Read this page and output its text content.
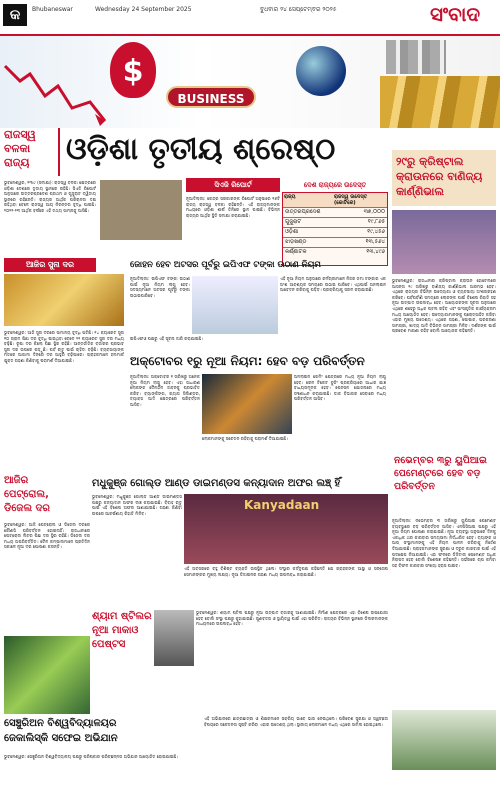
କ	Bhubaneswar	Wednesday 24 September 2025	ବୁଧବାର ୨୪ ସେପ୍ଟେମ୍ବର ୨୦୨୫	ସଂବାଦ
$
BUSINESS
ରାଜସ୍ୱ
ବଳକା
ରାଜ୍ୟ	ଓଡ଼ିଶା ତୃତୀୟ ଶ୍ରେଷ୍ଠ
ଭୁବନେଶ୍ୱର, ୨୩ା୯ (ସମୀକ୍ଷା): ରାଜସ୍ୱ ବଳକା କ୍ଷେତ୍ରରେ ଓଡ଼ିଶା ଦେଶରେ ତୃତୀୟ ସ୍ଥାନରେ ରହିଛି। ସିଏଜି ରିପୋର୍ଟ ଅନୁସାରେ ଉତ୍ତରପ୍ରଦେଶ ପ୍ରଥମ ଓ ଗୁଜୁରାଟ ଦ୍ୱିତୀୟ ସ୍ଥାନରେ ରହିଛନ୍ତି। ରାଜ୍ୟର ଆର୍ଥିକ ପରିଚାଳନା ଦକ୍ଷ ରହିଥିବା ବେଳେ ରାଜସ୍ୱ ଆୟ ନିରନ୍ତର ବୃଦ୍ଧି ପାଇଛି। ୨୦୨୨-୨୩ ଆର୍ଥିକ ବର୍ଷରେ ଏହି ତଥ୍ୟ ସାମ୍ନାକୁ ଆସିଛି।
ସିଏଜି ରିପୋର୍ଟ	ଦେଶ ରାଜ୍ୟରେ ଉଦେସ୍ତ
ନୂଆଦିଲ୍ଲୀ: କେନ୍ଦ୍ର ସରକାରଙ୍କ ରିପୋର୍ଟ ଅନୁସାରେ ୧୬ଟି ରାଜ୍ୟ ରାଜସ୍ୱ ବଳକା ରହିଛନ୍ତି। ଏହି ରାଜ୍ୟମାନଙ୍କ ମଧ୍ୟରେ ଓଡ଼ିଶା ଶୀର୍ଷ ତିନିରେ ସ୍ଥାନ ପାଇଛି। ବିଭିନ୍ନ ରାଜ୍ୟର ଆର୍ଥିକ ସ୍ଥିତି ସମୀକ୍ଷା କରାଯାଇଛି।
ରାଜ୍ୟ	ରାଜସ୍ୱ ଉଦେସ୍ତ (କୋଟିରେ)
ଉତ୍ତରପ୍ରଦେଶ	୩୭,୦୦୦
ଗୁଜୁରାଟ	୧୯,୮୬୫
ଓଡ଼ିଶା	୧୯,୪୫୬
ଝାଡ଼ଖଣ୍ଡ	୧୩,୫୬୪
କର୍ଣ୍ଣାଟକ	୧୩,୪୯୬
୨୯ରୁ କ୍ରିଷ୍ଟାଲ କ୍ରାଉନରେ ବାଣିଜ୍ୟ କାର୍ଣ୍ଣିଭାଲ
ଭୁବନେଶ୍ୱର: ରାଜଧାନୀର କ୍ରିଷ୍ଟାଲ କ୍ରାଉନ ହୋଟେଲରେ ଆସନ୍ତା ୨୯ ତାରିଖରୁ ବାଣିଜ୍ୟ କାର୍ଣ୍ଣିଭାଲ ଆରମ୍ଭ ହେବ। ଏଥିରେ ରାଜ୍ୟର ବିଭିନ୍ନ ଉଦ୍ୟୋଗୀ ଓ ବ୍ୟବସାୟୀ ଅଂଶଗ୍ରହଣ କରିବେ। ପର୍ବପର୍ବାଣି ସମୟରେ ଲୋକଙ୍କ ପାଇଁ ବିଶେଷ ରିହାତି ସହ ନୂଆ ଉତ୍ପାଦ ଉପଲବ୍ଧ ହେବ। ଆୟୋଜକଙ୍କ ସୂଚନା ଅନୁସାରେ ଏଥିରେ ଶହେରୁ ଅଧିକ ଷ୍ଟଲ ରହିବ ଏବଂ ସାଂସ୍କୃତିକ କାର୍ଯ୍ୟକ୍ରମ ମଧ୍ୟ ଆୟୋଜିତ ହେବ। ଉଦ୍ୟୋଗୀମାନଙ୍କୁ ପ୍ରୋତ୍ସାହିତ କରିବା ଏହାର ମୁଖ୍ୟ ଉଦ୍ଦେଶ୍ୟ। ଏଥିରେ ଗହଣା, ପୋଷାକ, ଘରକରଣା ସାମଗ୍ରୀ, ଖାଦ୍ୟ ଆଦି ବିଭିନ୍ନ ସାମଗ୍ରୀ ମିଳିବ। ଦର୍ଶକଙ୍କ ପାଇଁ ପ୍ରବେଶ ମାଗଣା ରହିବ ବୋଲି ଆୟୋଜକ କହିଛନ୍ତି।
ନଭେମ୍ବର ୩ରୁ ୟୁପିଆଇ ପେମେଣ୍ଟରେ ହେବ ବଡ଼ ପରିବର୍ତ୍ତନ
ନୂଆଦିଲ୍ଲୀ: ନଭେମ୍ବର ୩ ତାରିଖରୁ ୟୁପିଆଇ ପେମେଣ୍ଟ ବ୍ୟବସ୍ଥାରେ ବଡ଼ ପରିବର୍ତ୍ତନ ଆସିବ। ଏନପିସିଆଇ ପକ୍ଷରୁ ଏହି ନୂଆ ନିୟମ ଘୋଷଣା କରାଯାଇଛି। ନୂଆ ବ୍ୟବସ୍ଥା ଅନୁସାରେ ଦିନକୁ ଏକାଧିକ ଥର କାରବାର ସମୟସୀମା ନିର୍ଦ୍ଧାରିତ ହେବ। ବ୍ୟାଙ୍କ ଓ ଆପ୍ ସଂସ୍ଥାମାନଙ୍କୁ ଏହି ନିୟମ ପାଳନ କରିବାକୁ ନିର୍ଦ୍ଦେଶ ଦିଆଯାଇଛି। ଗ୍ରାହକମାନଙ୍କ ସୁରକ୍ଷା ଓ ଦ୍ରୁତ କାରବାର ପାଇଁ ଏହି ପଦକ୍ଷେପ ନିଆଯାଇଛି। ଏହା ଫଳରେ ଡିଜିଟାଲ ପେମେଣ୍ଟ ଅଧିକ ନିରାପଦ ହେବ ବୋଲି ବିଶେଷଜ୍ଞ କହିଛନ୍ତି। ସର୍ଭରରେ ଚାପ କମିବା ସହ ବିଫଳ କାରବାର ସଂଖ୍ୟା ହ୍ରାସ ପାଇବ।
ଆଜିର ସୁନା ଦର
ଭୁବନେଶ୍ୱର: ଆଜି ସୁନା ଦରରେ ସାମାନ୍ୟ ବୃଦ୍ଧି ଘଟିଛି। ୨୪ କ୍ୟାରେଟ ସୁନା ୧୦ ଗ୍ରାମ ପିଛା ଦର ବୃଦ୍ଧି ପାଇଥିବା ବେଳେ ୨୨ କ୍ୟାରେଟ ସୁନା ଦର ମଧ୍ୟ ବଢ଼ିଛି। ରୂପା ଦର କିଲୋ ପିଛା ସ୍ଥିର ରହିଛି। ଆନ୍ତର୍ଜାତିକ ବଜାରର ପ୍ରଭାବ ସୁନା ଦର ଉପରେ ପଡ଼ୁଛି। ପର୍ବ ଋତୁ ପାଇଁ ଚାହିଦା ବଢ଼ିଛି। ବ୍ୟବସାୟୀଙ୍କ ମତରେ ଆଗାମୀ ଦିନରେ ଦର ଆହୁରି ବଢ଼ିପାରେ। ଗ୍ରାହକମାନେ ହଲମାର୍କ ଯୁକ୍ତ ଗହଣା କିଣିବାକୁ ପରାମର୍ଶ ଦିଆଯାଇଛି।
ଜୋହନ ହେବ ଅଟସର ପୂର୍ବରୁ ଇପିଏଫ ଟଙ୍କା ଉଠାଣ ନିୟମ
ନୂଆଦିଲ୍ଲୀ: ଇପିଏଫ ଟଙ୍କା ଉଠାଣ ପାଇଁ ନୂଆ ନିୟମ ଲାଗୁ ହେବ। ସଦସ୍ୟମାନେ ଅଟସର ପୂର୍ବରୁ ଟଙ୍କା ଉଠାଇପାରିବେ।
ଏହି ନୂଆ ନିୟମ ଅନୁସାରେ କର୍ମଚାରୀମାନେ ନିଜର ଜମା ଟଙ୍କାର ଏକ ଅଂଶ ଆବଶ୍ୟକ ସମୟରେ ଉଠାଇ ପାରିବେ। ଏଥିପାଇଁ ଅନଲାଇନ ଆବେଦନ କରିବାକୁ ପଡ଼ିବ। ପ୍ରକ୍ରିୟାକୁ ସରଳ କରାଯାଇଛି।
ଇପିଏଫଓ ପକ୍ଷରୁ ଏହି ସୂଚନା ଜାରି କରାଯାଇଛି।
ଅକ୍ଟୋବର ୧ରୁ ନୂଆ ନିୟମ: ହେବ ବଡ଼ ପରିବର୍ତ୍ତନ
ନୂଆଦିଲ୍ଲୀ: ଅକ୍ଟୋବର ୧ ତାରିଖରୁ ଅନେକ ନୂଆ ନିୟମ ଲାଗୁ ହେବ। ଏହା ସାଧାରଣ ଲୋକଙ୍କ ଦୈନନ୍ଦିନ ଜୀବନକୁ ପ୍ରଭାବିତ କରିବ। ବ୍ୟାଙ୍କିଙ୍ଗ, ଗ୍ୟାସ ସିଲିଣ୍ଡର, ଟ୍ୟାକ୍ସ ଆଦି କ୍ଷେତ୍ରରେ ପରିବର୍ତ୍ତନ ଆସିବ।
ଅନଲାଇନ ଗେମିଂ କ୍ଷେତ୍ରରେ ମଧ୍ୟ ନୂଆ ନିୟମ ଲାଗୁ ହେବ। ରେଳ ଟିକେଟ ବୁକିଂ ପ୍ରକ୍ରିୟାରେ ଆଧାର ଯାଞ୍ଚ ବାଧ୍ୟତାମୂଳକ ହେବ। ପେନସନ ଯୋଜନାରେ ମଧ୍ୟ ସଂଶୋଧନ କରାଯାଇଛି। ଡାକ ବିଭାଗର ସେବାରେ ମଧ୍ୟ ପରିବର୍ତ୍ତନ ଆସିବ।
ଲୋକମାନଙ୍କୁ ସଚେତନ ରହିବାକୁ ପରାମର୍ଶ ଦିଆଯାଇଛି।
ଆଜିର
ପେଟ୍ରୋଲ,
ଡିଜେଲ ଦର
ଭୁବନେଶ୍ୱର: ଆଜି ପେଟ୍ରୋଲ ଓ ଡିଜେଲ ଦରରେ କୌଣସି ପରିବର୍ତ୍ତନ ହୋଇନାହିଁ। ରାଜଧାନୀରେ ପେଟ୍ରୋଲ ଲିଟର ପିଛା ଦର ସ୍ଥିର ରହିଛି। ଡିଜେଲ ଦର ମଧ୍ୟ ଅପରିବର୍ତ୍ତିତ। ତୈଳ କମ୍ପାନୀମାନେ ପ୍ରତିଦିନ ସକାଳେ ନୂଆ ଦର ଘୋଷଣା କରନ୍ତି।
ମଧୁକୁଞ୍ଜ ଗୋଲ୍ଡ ଆଣ୍ଡ ଡାଇମଣ୍ଡସ କନ୍ୟାଦାନ ଅଫର ଲଞ୍ଚ୍ ହିଁ
ଭୁବନେଶ୍ୱର: ମଧୁକୁଞ୍ଜ ଗୋଲ୍ଡ ଆଣ୍ଡ ଡାଇମଣ୍ଡସ ପକ୍ଷରୁ କନ୍ୟାଦାନ ଅଫର ଲଞ୍ଚ କରାଯାଇଛି। ବିବାହ ଋତୁ ପାଇଁ ଏହି ବିଶେଷ ଅଫର ଆଣାଯାଇଛି। ଗହଣା କିଣିବା ଉପରେ ଆକର୍ଷଣୀୟ ରିହାତି ମିଳିବ।
Kanyadaan
ଏହି ଅବସରରେ ବହୁ ବିଶିଷ୍ଟ ବ୍ୟକ୍ତି ଉପସ୍ଥିତ ଥିଲେ। ସଂସ୍ଥାର କର୍ତ୍ତୃପକ୍ଷ କହିଛନ୍ତି ଯେ ଗ୍ରାହକଙ୍କ ଆସ୍ଥା ଓ ସନ୍ତୋଷ ସେମାନଙ୍କର ମୁଖ୍ୟ ଲକ୍ଷ୍ୟ। ନୂଆ ଡିଜାଇନର ଗହଣା ମଧ୍ୟ ଉପଲବ୍ଧ କରାଯାଇଛି।
ଶ୍ୟାମ ଷ୍ଟିଲର
ନୂଆ ମାକାଓ
ପେଷ୍ଟସ
ଭୁବନେଶ୍ୱର: ଶ୍ୟାମ ଷ୍ଟିଲ ପକ୍ଷରୁ ନୂଆ ଉତ୍ପାଦ ବଜାରକୁ ଆଣାଯାଇଛି। ନିର୍ମାଣ କ୍ଷେତ୍ରରେ ଏହା ବିଶେଷ ଉପଯୋଗୀ ହେବ ବୋଲି ସଂସ୍ଥା ପକ୍ଷରୁ କୁହାଯାଇଛି। ଗୁଣବତ୍ତା ଓ ସ୍ଥାୟିତ୍ୱ ପାଇଁ ଏହା ପରିଚିତ। ରାଜ୍ୟର ବିଭିନ୍ନ ସ୍ଥାନରେ ଡିଲରମାନଙ୍କ ମାଧ୍ୟମରେ ଉପଲବ୍ଧ ହେବ।
ସେଞ୍ଚୁରିଅନ ବିଶ୍ୱବିଦ୍ୟାଳୟର
ଜେକାଲିସ୍କି ସଫେଇ ଅଭିଯାନ
ଭୁବନେଶ୍ୱର: ସେଞ୍ଚୁରିଅନ ବିଶ୍ୱବିଦ୍ୟାଳୟ ପକ୍ଷରୁ ପରିଷ୍କାର ପରିଚ୍ଛନ୍ନତା ଅଭିଯାନ ଆୟୋଜିତ ହୋଇଯାଇଛି।
ଏହି ଅଭିଯାନରେ ଛାତ୍ରଛାତ୍ରୀ ଓ ଶିକ୍ଷକମାନେ ସକ୍ରିୟ ଭାବେ ଭାଗ ନେଇଥିଲେ। ପରିବେଶ ସୁରକ୍ଷା ଓ ସ୍ୱଚ୍ଛତା ବିଷୟରେ ସଚେତନତା ସୃଷ୍ଟି କରିବା ଏହାର ଉଦ୍ଦେଶ୍ୟ ଥିଲା। ସ୍ଥାନୀୟ ଲୋକମାନେ ମଧ୍ୟ ଏଥିରେ ସାମିଲ ହୋଇଥିଲେ।
